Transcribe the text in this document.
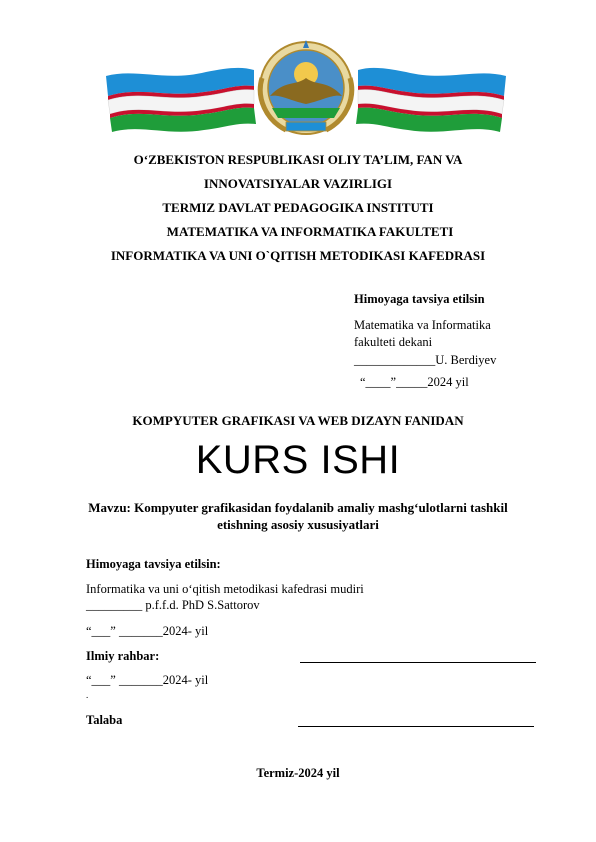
O‘ZBEKISTON RESPUBLIKASI OLIY TA’LIM, FAN VA
INNOVATSIYALAR VAZIRLIGI
TERMIZ DAVLAT PEDAGOGIKA INSTITUTI
MATEMATIKA VA INFORMATIKA FAKULTETI
INFORMATIKA VA UNI O`QITISH METODIKASI KAFEDRASI
Himoyaga tavsiya etilsin
Matematika va Informatika
fakulteti dekani
_____________U. Berdiyev
“____”_____2024 yil
KOMPYUTER GRAFIKASI VA WEB DIZAYN FANIDAN
KURS ISHI
Mavzu: Kompyuter grafikasidan foydalanib amaliy mashg‘ulotlarni tashkil
etishning asosiy xususiyatlari
Himoyaga tavsiya etilsin:
Informatika va uni o‘qitish metodikasi kafedrasi mudiri
_________ p.f.f.d. PhD S.Sattorov
“___” _______2024- yil
Ilmiy rahbar:
“___” _______2024- yil
.
Talaba
Termiz-2024 yil
